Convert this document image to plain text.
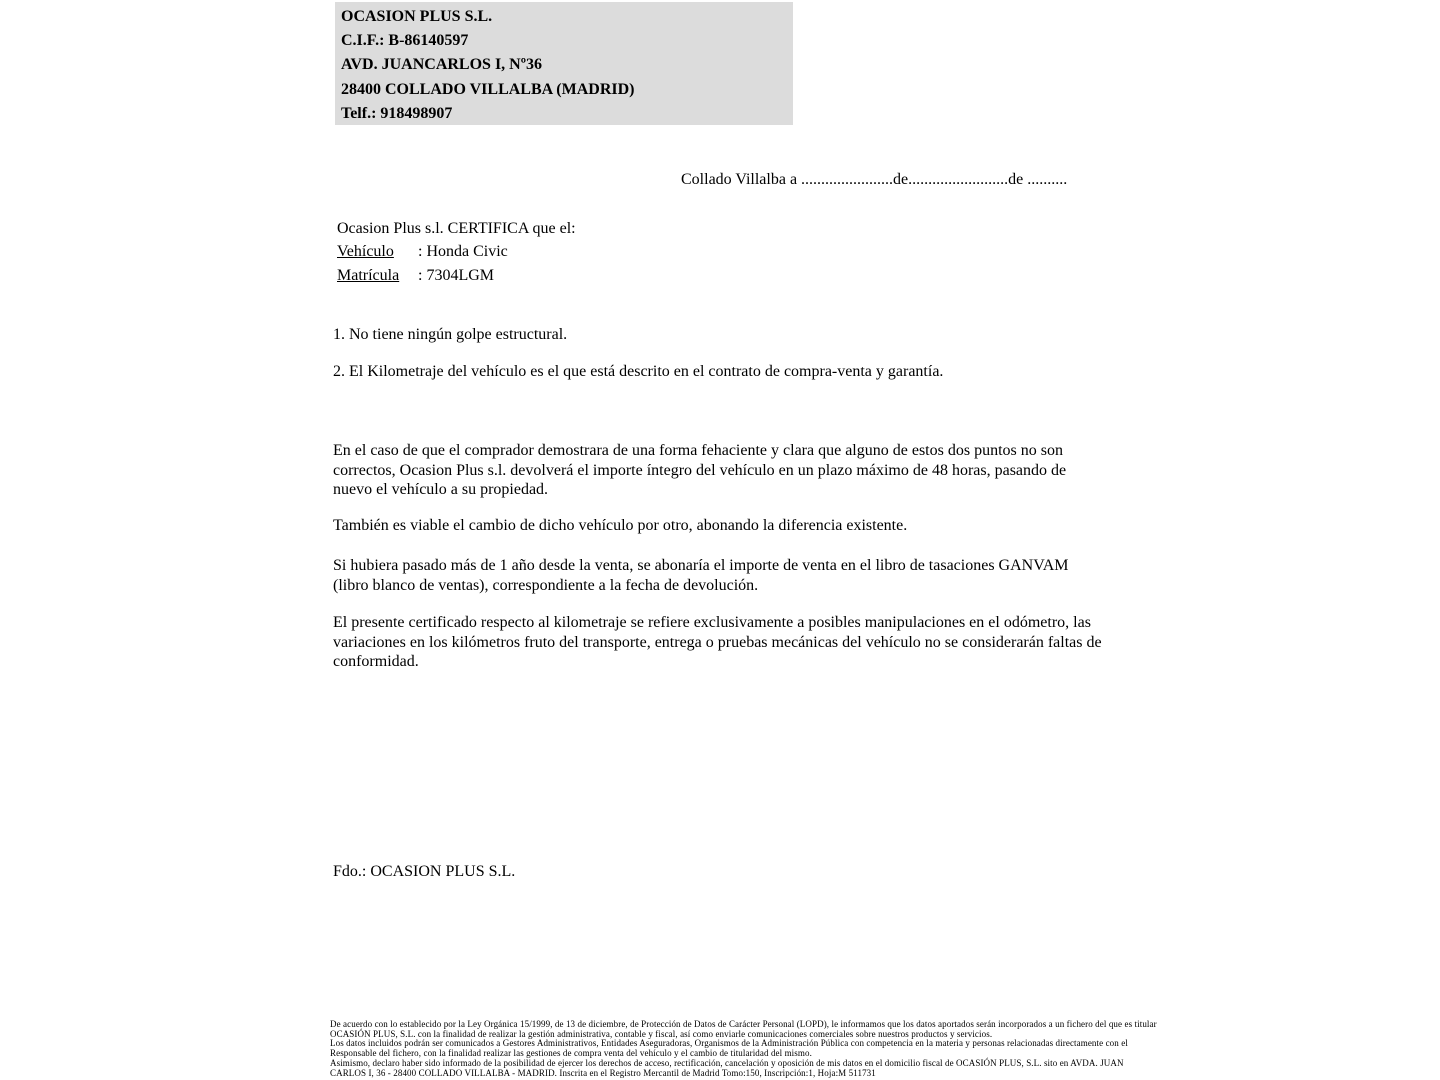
OCASION PLUS S.L.
C.I.F.: B-86140597
AVD. JUANCARLOS I, Nº36
28400 COLLADO VILLALBA (MADRID)
Telf.: 918498907
Collado Villalba a .......................de.........................de ..........
Ocasion Plus s.l. CERTIFICA que el:
Vehículo : Honda Civic
Matrícula : 7304LGM
1. No tiene ningún golpe estructural.
2. El Kilometraje del vehículo es el que está descrito en el contrato de compra-venta y garantía.
En el caso de que el comprador demostrara de una forma fehaciente y clara que alguno de estos dos puntos no son correctos, Ocasion Plus s.l. devolverá el importe íntegro del vehículo en un plazo máximo de 48 horas, pasando de nuevo el vehículo a su propiedad.
También es viable el cambio de dicho vehículo por otro, abonando la diferencia existente.
Si hubiera pasado más de 1 año desde la venta, se abonaría el importe de venta en el libro de tasaciones GANVAM (libro blanco de ventas), correspondiente a la fecha de devolución.
El presente certificado respecto al kilometraje se refiere exclusivamente a posibles manipulaciones en el odómetro, las variaciones en los kilómetros fruto del transporte, entrega o pruebas mecánicas del vehículo no se considerarán faltas de conformidad.
Fdo.: OCASION PLUS S.L.
De acuerdo con lo establecido por la Ley Orgánica 15/1999, de 13 de diciembre, de Protección de Datos de Carácter Personal (LOPD), le informamos que los datos aportados serán incorporados a un fichero del que es titular
OCASIÓN PLUS, S.L. con la finalidad de realizar la gestión administrativa, contable y fiscal, así como enviarle comunicaciones comerciales sobre nuestros productos y servicios.
Los datos incluidos podrán ser comunicados a Gestores Administrativos, Entidades Aseguradoras, Organismos de la Administración Pública con competencia en la materia y personas relacionadas directamente con el
Responsable del fichero, con la finalidad realizar las gestiones de compra venta del vehículo y el cambio de titularidad del mismo.
Asimismo, declaro haber sido informado de la posibilidad de ejercer los derechos de acceso, rectificación, cancelación y oposición de mis datos en el domicilio fiscal de OCASIÓN PLUS, S.L. sito en AVDA. JUAN
CARLOS I, 36 - 28400 COLLADO VILLALBA - MADRID. Inscrita en el Registro Mercantil de Madrid Tomo:150, Inscripción:1, Hoja:M 511731
